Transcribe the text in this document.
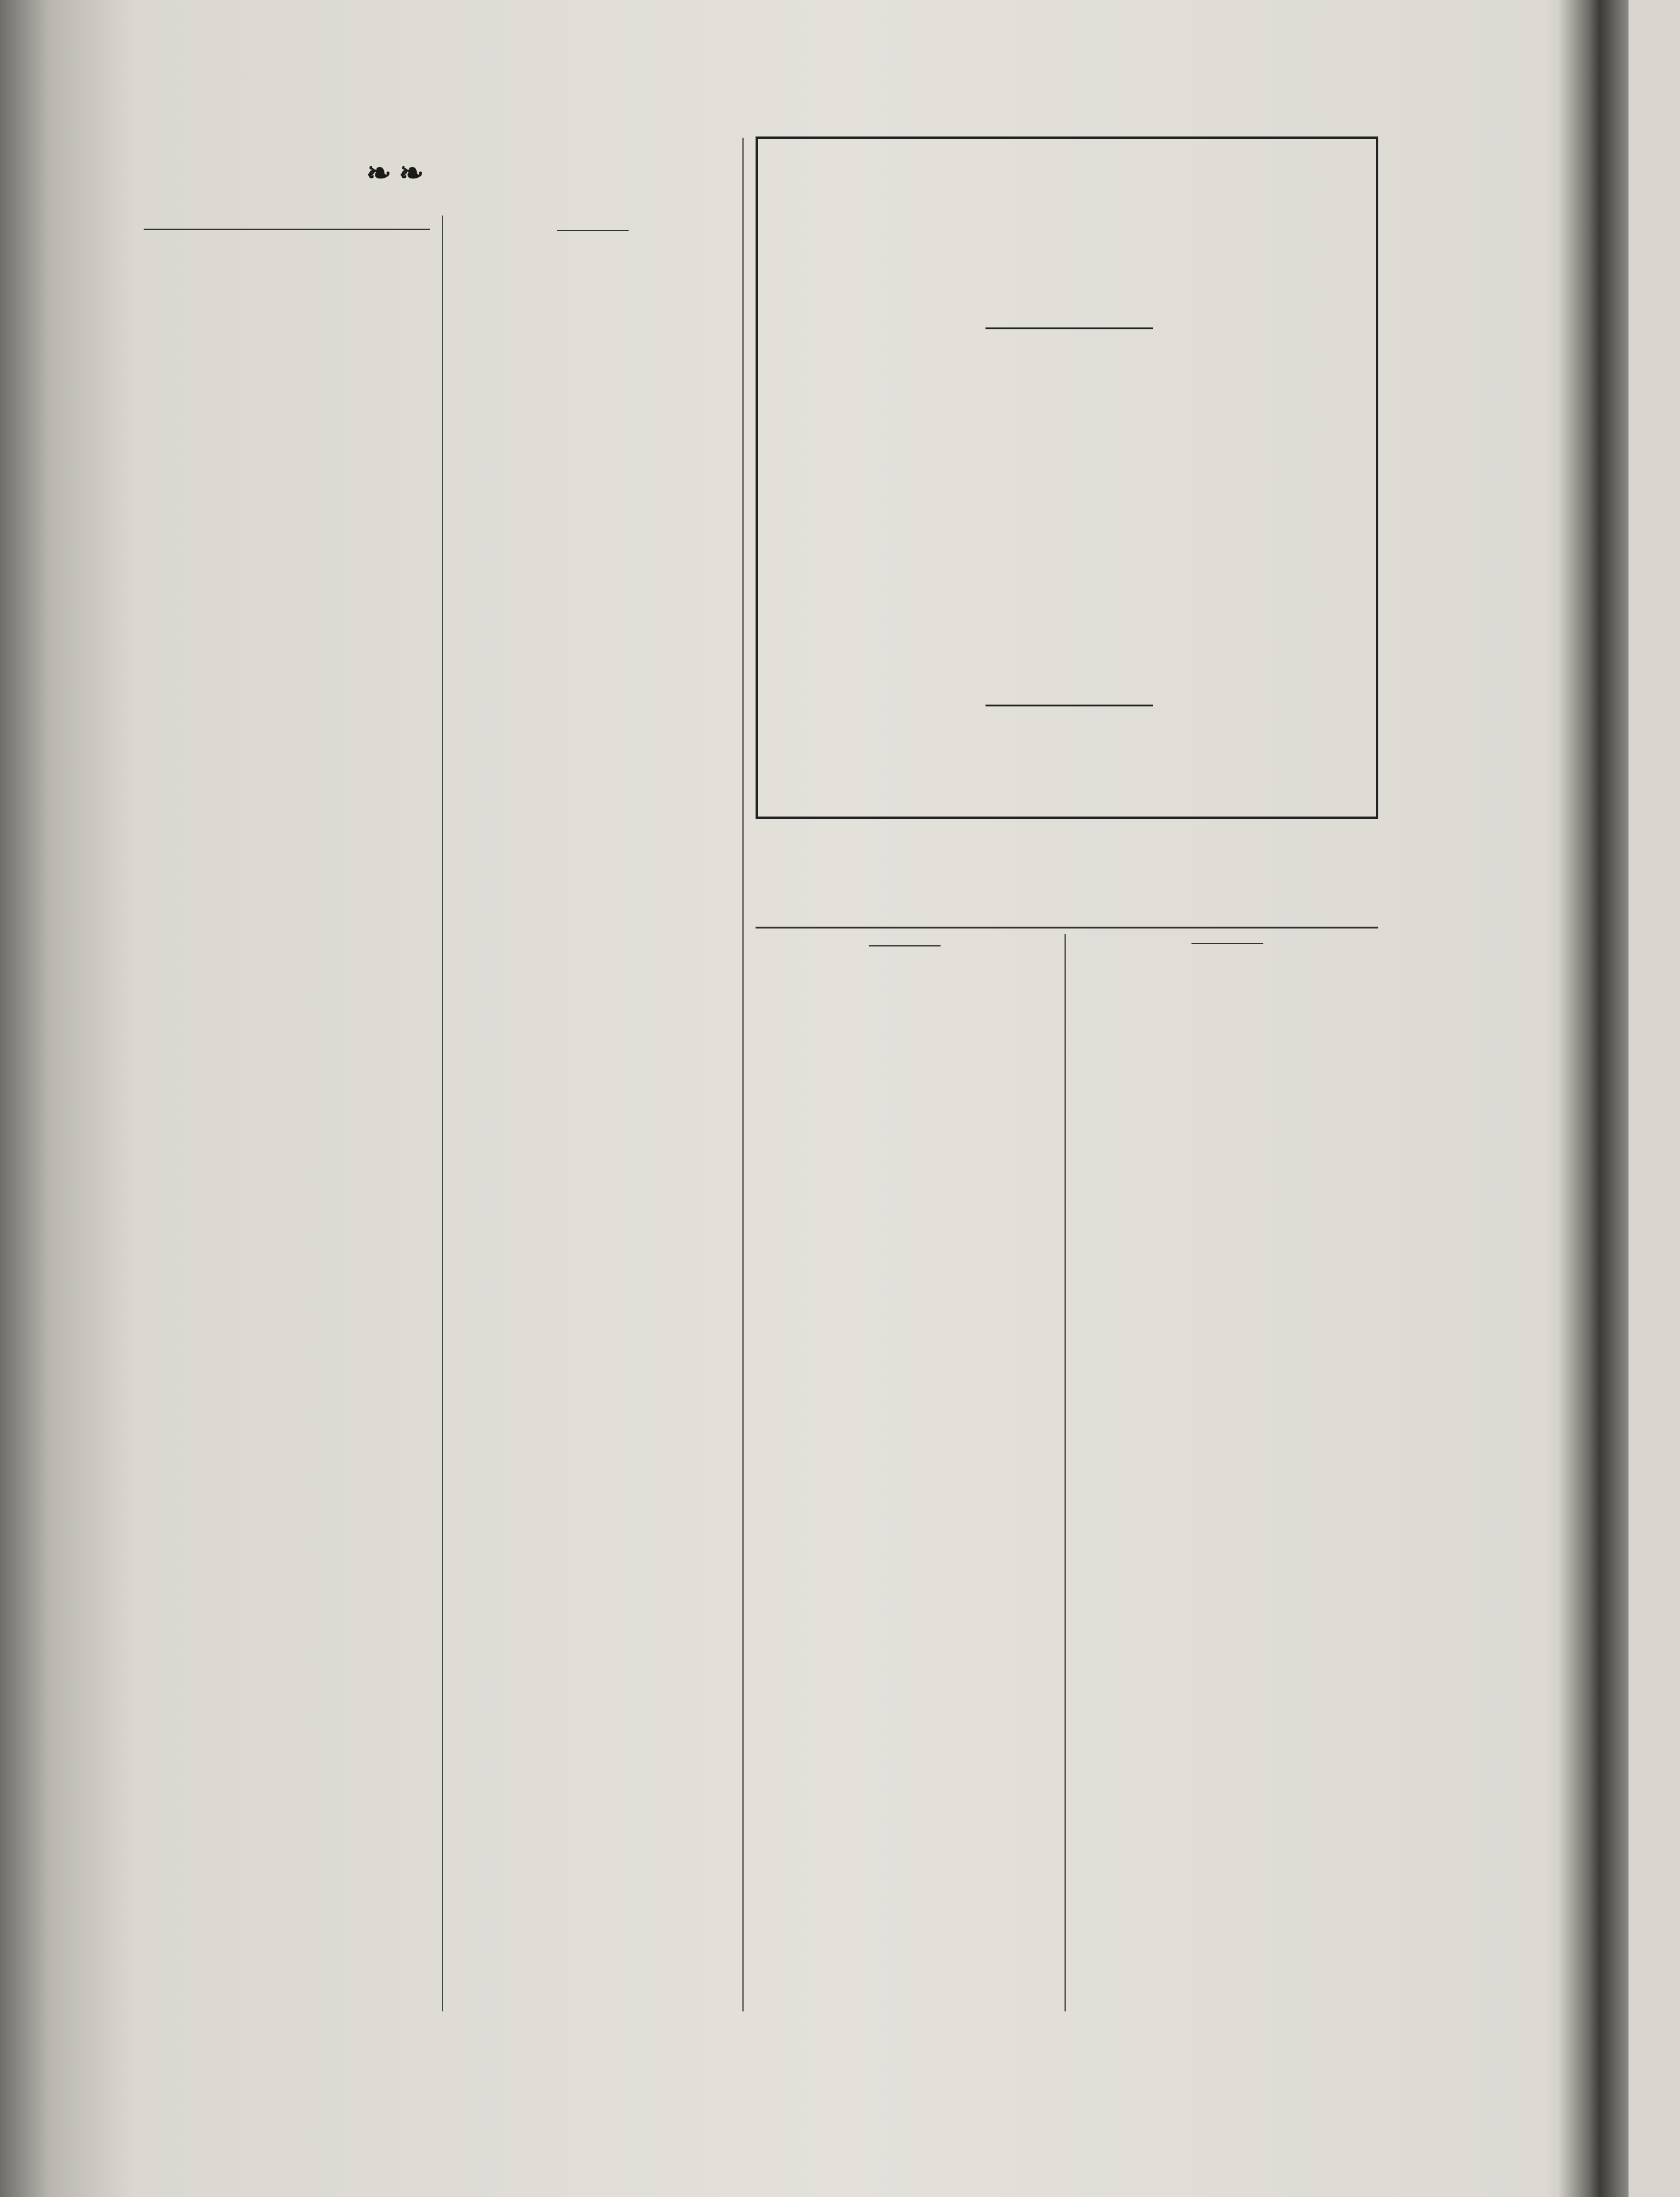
❧ ❧
